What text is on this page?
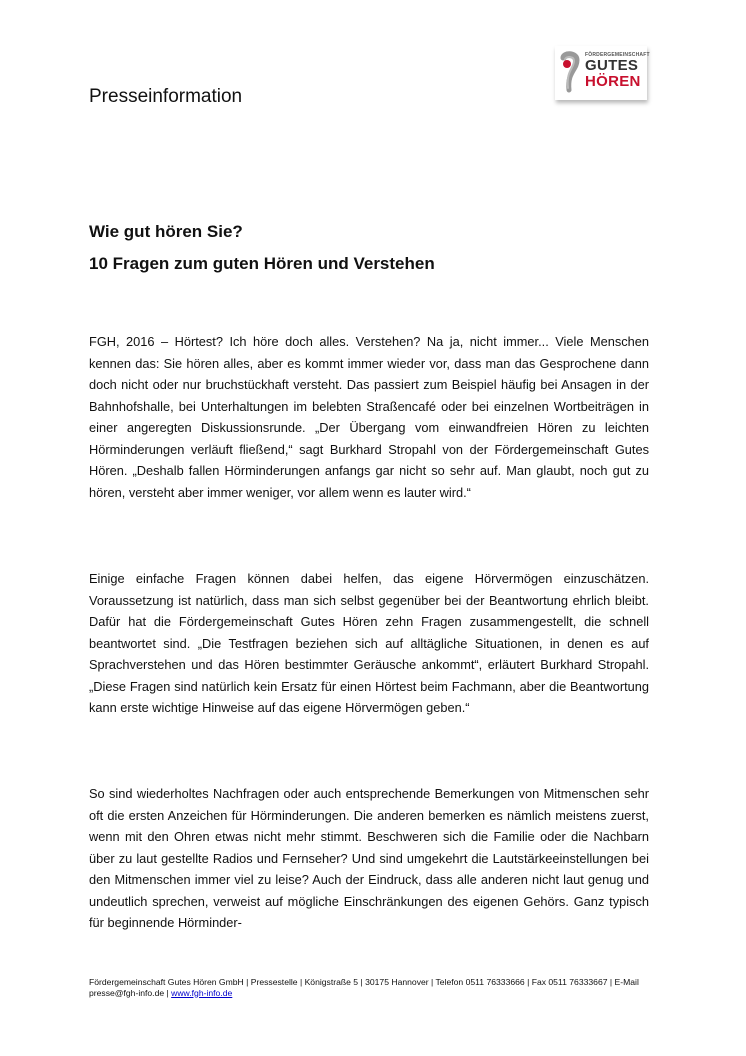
FÖRDERGEMEINSCHAFT
GUTES
HÖREN
Presseinformation
Wie gut hören Sie?
10 Fragen zum guten Hören und Verstehen

FGH, 2016 – Hörtest? Ich höre doch alles. Verstehen? Na ja, nicht immer... Viele Menschen kennen das: Sie hören alles, aber es kommt immer wieder vor, dass man das Gesprochene dann doch nicht oder nur bruchstückhaft versteht. Das passiert zum Beispiel häufig bei Ansagen in der Bahnhofshalle, bei Unterhaltungen im belebten Straßencafé oder bei einzelnen Wortbeiträgen in einer angeregten Diskussionsrunde. „Der Übergang vom einwandfreien Hören zu leichten Hörminderungen verläuft fließend,“ sagt Burkhard Stropahl von der Fördergemeinschaft Gutes Hören. „Deshalb fallen Hörminderungen anfangs gar nicht so sehr auf. Man glaubt, noch gut zu hören, versteht aber immer weniger, vor allem wenn es lauter wird.“

Einige einfache Fragen können dabei helfen, das eigene Hörvermögen einzuschätzen. Voraussetzung ist natürlich, dass man sich selbst gegenüber bei der Beantwortung ehrlich bleibt. Dafür hat die Fördergemeinschaft Gutes Hören zehn Fragen zusammengestellt, die schnell beantwortet sind. „Die Testfragen beziehen sich auf alltägliche Situationen, in denen es auf Sprachverstehen und das Hören bestimmter Geräusche ankommt“, erläutert Burkhard Stropahl. „Diese Fragen sind natürlich kein Ersatz für einen Hörtest beim Fachmann, aber die Beantwortung kann erste wichtige Hinweise auf das eigene Hörvermögen geben.“

So sind wiederholtes Nachfragen oder auch entsprechende Bemerkungen von Mitmenschen sehr oft die ersten Anzeichen für Hörminderungen. Die anderen bemerken es nämlich meistens zuerst, wenn mit den Ohren etwas nicht mehr stimmt. Beschweren sich die Familie oder die Nachbarn über zu laut gestellte Radios und Fernseher? Und sind umgekehrt die Lautstärkeeinstellungen bei den Mitmenschen immer viel zu leise? Auch der Eindruck, dass alle anderen nicht laut genug und undeutlich sprechen, verweist auf mögliche Einschränkungen des eigenen Gehörs. Ganz typisch für beginnende Hörminder-

Fördergemeinschaft Gutes Hören GmbH | Pressestelle | Königstraße 5 | 30175 Hannover | Telefon 0511 76333666 | Fax 0511 76333667 | E-Mail presse@fgh-info.de | www.fgh-info.de
